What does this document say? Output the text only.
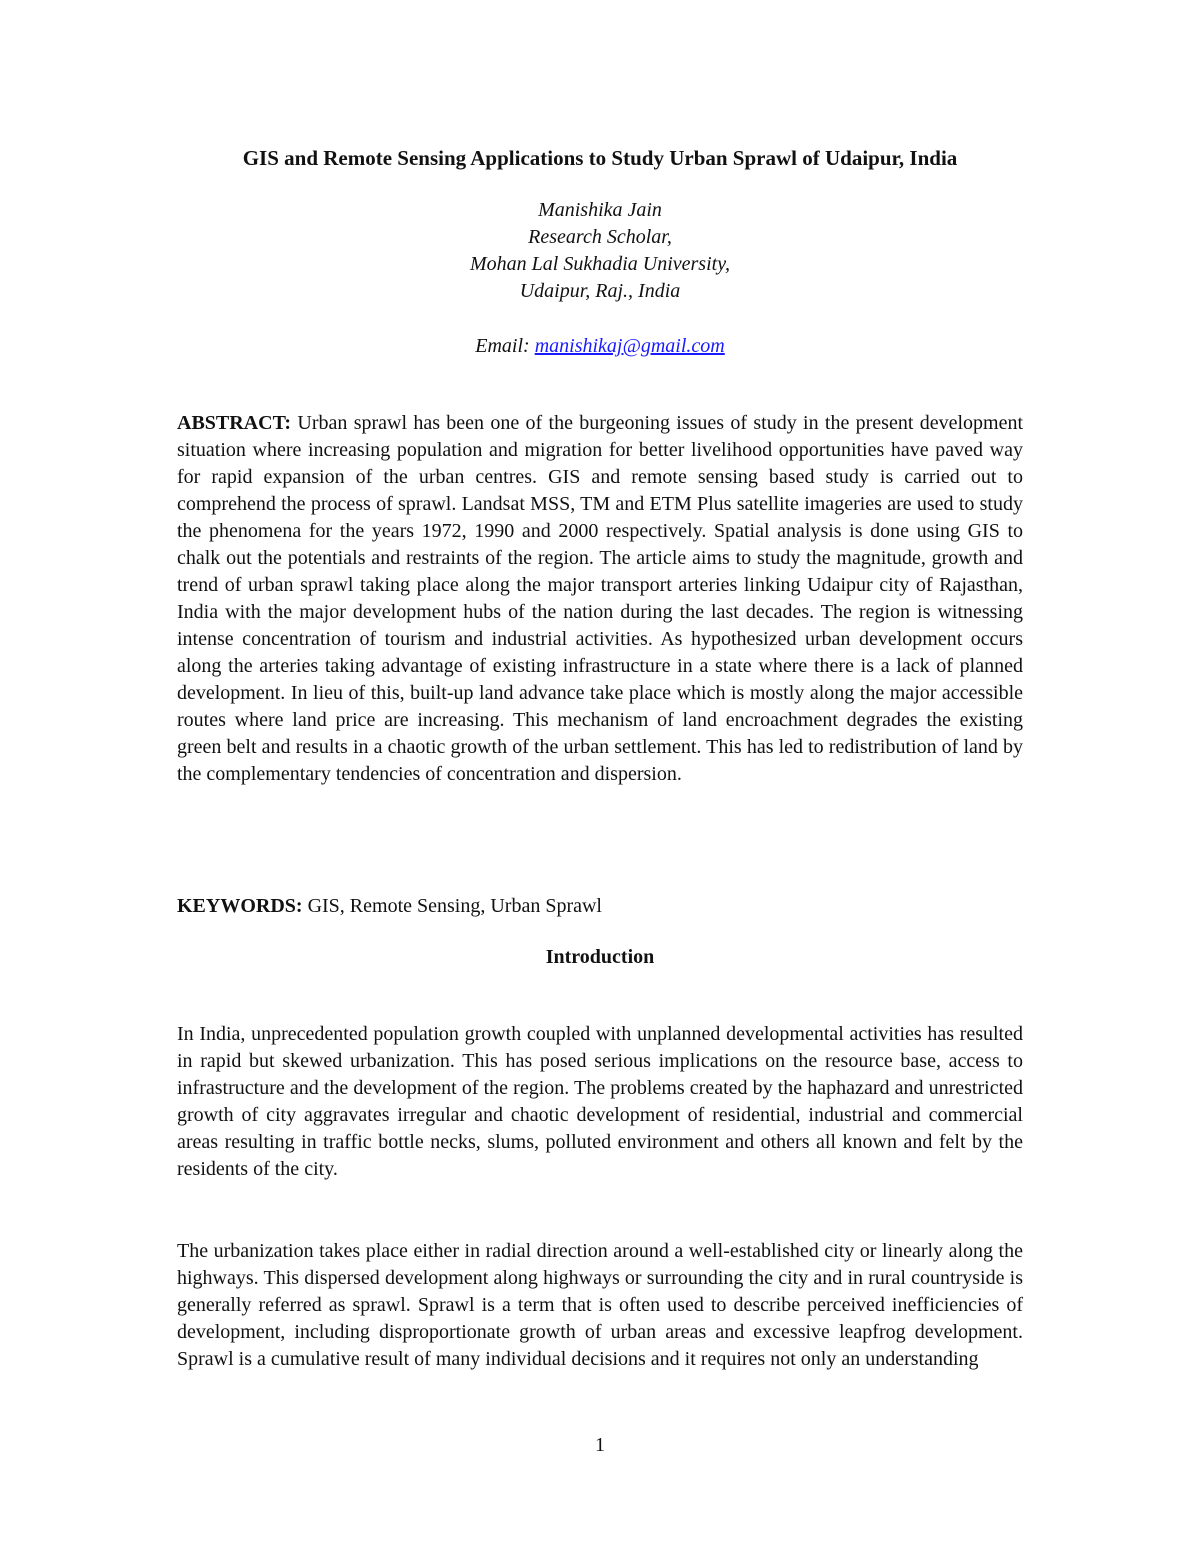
GIS and Remote Sensing Applications to Study Urban Sprawl of Udaipur, India
Manishika Jain
Research Scholar,
Mohan Lal Sukhadia University,
Udaipur, Raj., India
Email: manishikaj@gmail.com
ABSTRACT: Urban sprawl has been one of the burgeoning issues of study in the present development situation where increasing population and migration for better livelihood opportunities have paved way for rapid expansion of the urban centres. GIS and remote sensing based study is carried out to comprehend the process of sprawl. Landsat MSS, TM and ETM Plus satellite imageries are used to study the phenomena for the years 1972, 1990 and 2000 respectively. Spatial analysis is done using GIS to chalk out the potentials and restraints of the region. The article aims to study the magnitude, growth and trend of urban sprawl taking place along the major transport arteries linking Udaipur city of Rajasthan, India with the major development hubs of the nation during the last decades. The region is witnessing intense concentration of tourism and industrial activities. As hypothesized urban development occurs along the arteries taking advantage of existing infrastructure in a state where there is a lack of planned development. In lieu of this, built-up land advance take place which is mostly along the major accessible routes where land price are increasing. This mechanism of land encroachment degrades the existing green belt and results in a chaotic growth of the urban settlement. This has led to redistribution of land by the complementary tendencies of concentration and dispersion.
KEYWORDS: GIS, Remote Sensing, Urban Sprawl
Introduction
In India, unprecedented population growth coupled with unplanned developmental activities has resulted in rapid but skewed urbanization. This has posed serious implications on the resource base, access to infrastructure and the development of the region. The problems created by the haphazard and unrestricted growth of city aggravates irregular and chaotic development of residential, industrial and commercial areas resulting in traffic bottle necks, slums, polluted environment and others all known and felt by the residents of the city.
The urbanization takes place either in radial direction around a well-established city or linearly along the highways. This dispersed development along highways or surrounding the city and in rural countryside is generally referred as sprawl. Sprawl is a term that is often used to describe perceived inefficiencies of development, including disproportionate growth of urban areas and excessive leapfrog development. Sprawl is a cumulative result of many individual decisions and it requires not only an understanding
1
